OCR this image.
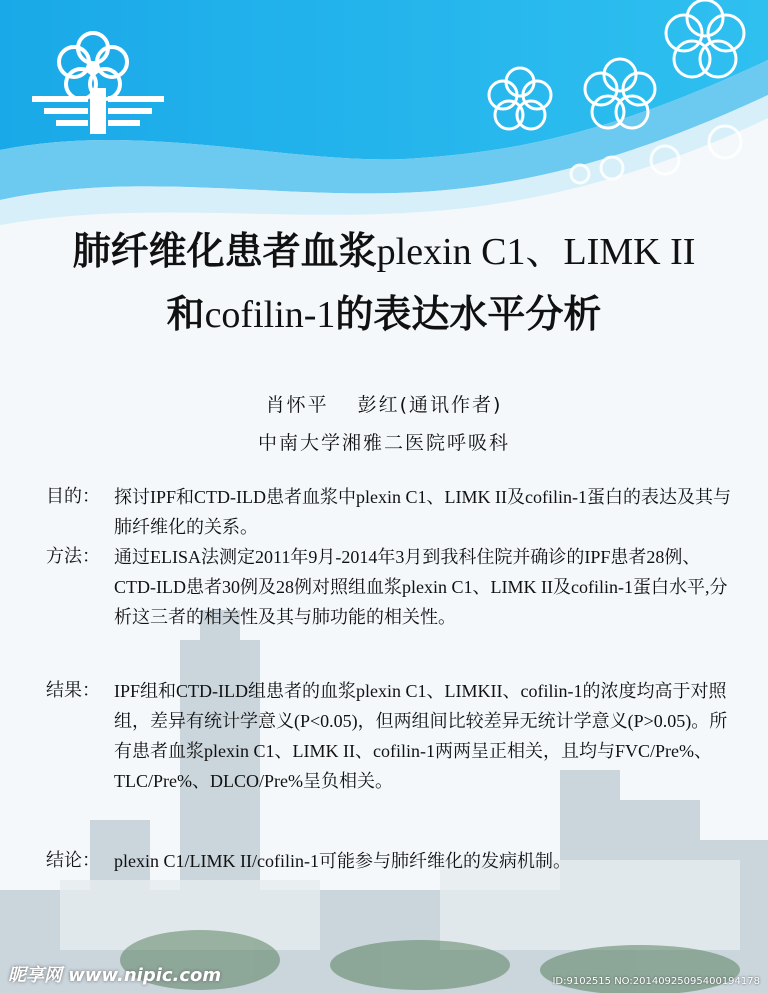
肺纤维化患者血浆plexin C1、LIMK II
和cofilin-1的表达水平分析
肖怀平　 彭红(通讯作者)
中南大学湘雅二医院呼吸科
目的： 探讨IPF和CTD-ILD患者血浆中plexin C1、LIMK II及cofilin-1蛋白的表达及其与肺纤维化的关系。
方法： 通过ELISA法测定2011年9月-2014年3月到我科住院并确诊的IPF患者28例、CTD-ILD患者30例及28例对照组血浆plexin C1、LIMK II及cofilin-1蛋白水平,分析这三者的相关性及其与肺功能的相关性。
结果： IPF组和CTD-ILD组患者的血浆plexin C1、LIMKII、cofilin-1的浓度均高于对照组，差异有统计学意义(P<0.05)，但两组间比较差异无统计学意义(P>0.05)。所有患者血浆plexin C1、LIMK II、cofilin-1两两呈正相关，且均与FVC/Pre%、 TLC/Pre%、DLCO/Pre%呈负相关。
结论： plexin C1/LIMK II/cofilin-1可能参与肺纤维化的发病机制。
昵享网 www.nipic.com	ID:9102515 NO:20140925095400194178
